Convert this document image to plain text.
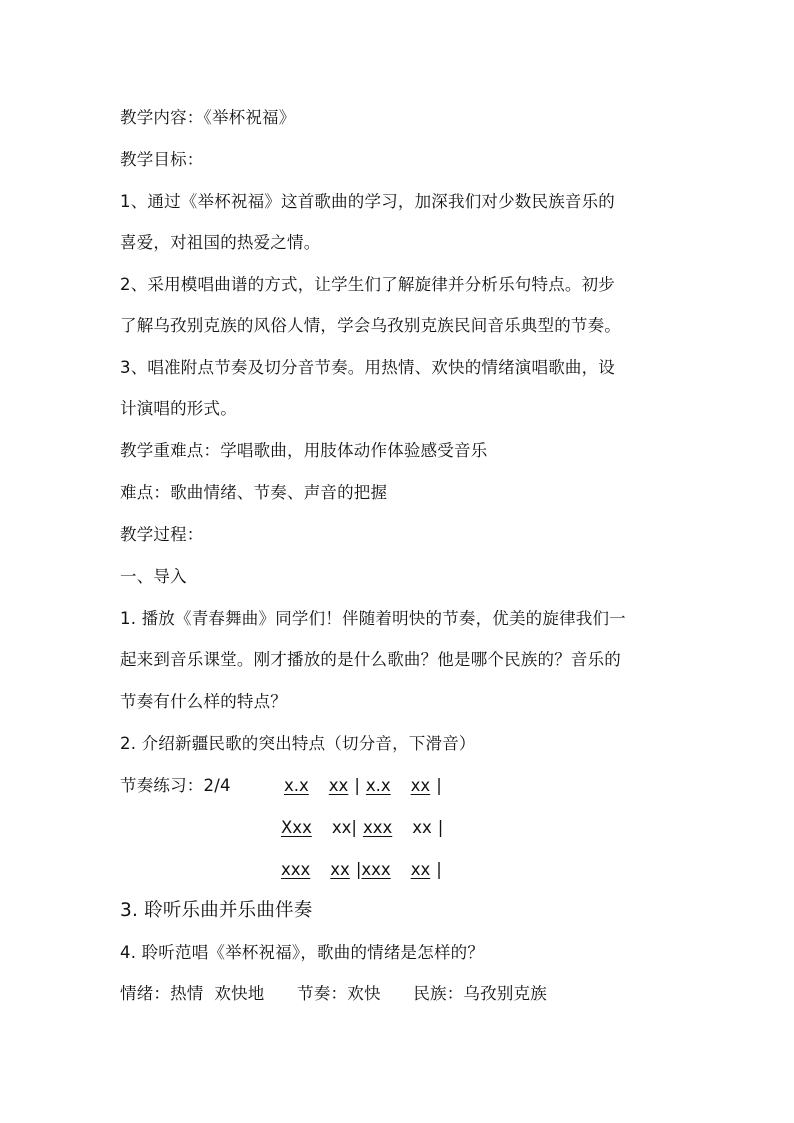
教学内容：《举杯祝福》
教学目标：
1、通过《举杯祝福》这首歌曲的学习，加深我们对少数民族音乐的
喜爱，对祖国的热爱之情。
2、采用模唱曲谱的方式，让学生们了解旋律并分析乐句特点。初步
了解乌孜别克族的风俗人情，学会乌孜别克族民间音乐典型的节奏。
3、唱准附点节奏及切分音节奏。用热情、欢快的情绪演唱歌曲，设
计演唱的形式。
教学重难点：学唱歌曲，用肢体动作体验感受音乐
难点：歌曲情绪、节奏、声音的把握
教学过程：
一、导入
1. 播放《青春舞曲》同学们！伴随着明快的节奏，优美的旋律我们一
起来到音乐课堂。刚才播放的是什么歌曲？他是哪个民族的？音乐的
节奏有什么样的特点？
2. 介绍新疆民歌的突出特点（切分音，下滑音）
节奏练习：2/4	x.x xx | x.x xx |
Xxx xx| xxx xx |
xxx xx |xxx xx |
3. 聆听乐曲并乐曲伴奏
4. 聆听范唱《举杯祝福》，歌曲的情绪是怎样的？
情绪：热情  欢快地      节奏：欢快      民族：乌孜别克族
